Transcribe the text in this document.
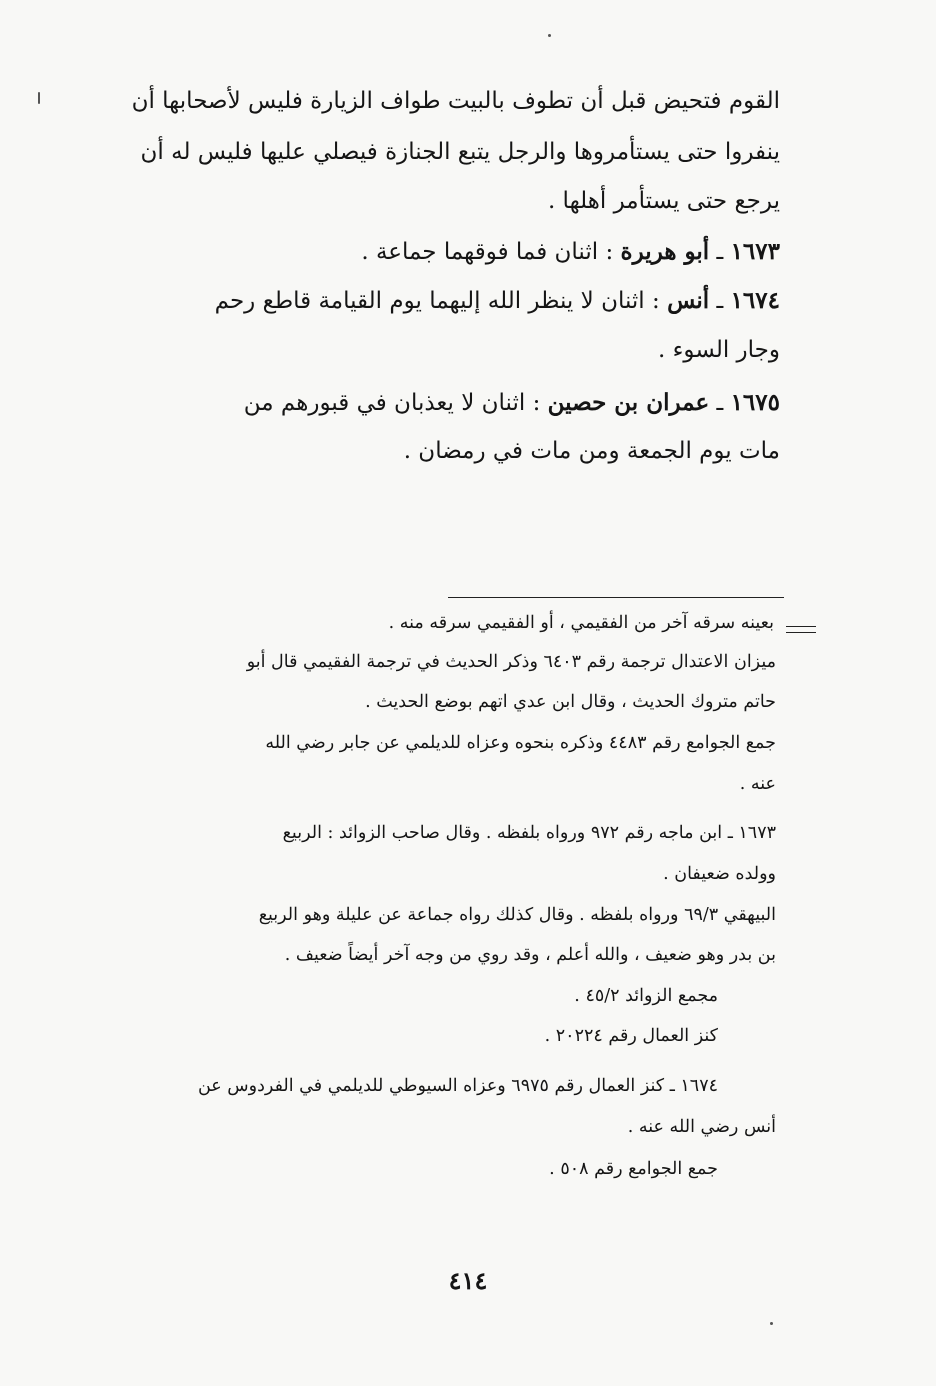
القوم فتحيض قبل أن تطوف بالبيت طواف الزيارة فليس لأصحابها أن
ينفروا حتى يستأمروها والرجل يتبع الجنازة فيصلي عليها فليس له أن
يرجع حتى يستأمر أهلها .
١٦٧٣ ـ أبو هريرة : اثنان فما فوقهما جماعة .
١٦٧٤ ـ أنس : اثنان لا ينظر الله إليهما يوم القيامة قاطع رحم
وجار السوء .
١٦٧٥ ـ عمران بن حصين : اثنان لا يعذبان في قبورهم من
مات يوم الجمعة ومن مات في رمضان .
بعينه سرقه آخر من الفقيمي ، أو الفقيمي سرقه منه .
ميزان الاعتدال ترجمة رقم ٦٤٠٣ وذكر الحديث في ترجمة الفقيمي قال أبو
حاتم متروك الحديث ، وقال ابن عدي اتهم بوضع الحديث .
جمع الجوامع رقم ٤٤٨٣ وذكره بنحوه وعزاه للديلمي عن جابر رضي الله
عنه .
١٦٧٣ ـ ابن ماجه رقم ٩٧٢ ورواه بلفظه . وقال صاحب الزوائد : الربيع
وولده ضعيفان .
البيهقي ٦٩/٣ ورواه بلفظه . وقال كذلك رواه جماعة عن عليلة وهو الربيع
بن بدر وهو ضعيف ، والله أعلم ، وقد روي من وجه آخر أيضاً ضعيف .
مجمع الزوائد ٤٥/٢ .
كنز العمال رقم ٢٠٢٢٤ .
١٦٧٤ ـ كنز العمال رقم ٦٩٧٥ وعزاه السيوطي للديلمي في الفردوس عن
أنس رضي الله عنه .
جمع الجوامع رقم ٥٠٨ .
٤١٤
